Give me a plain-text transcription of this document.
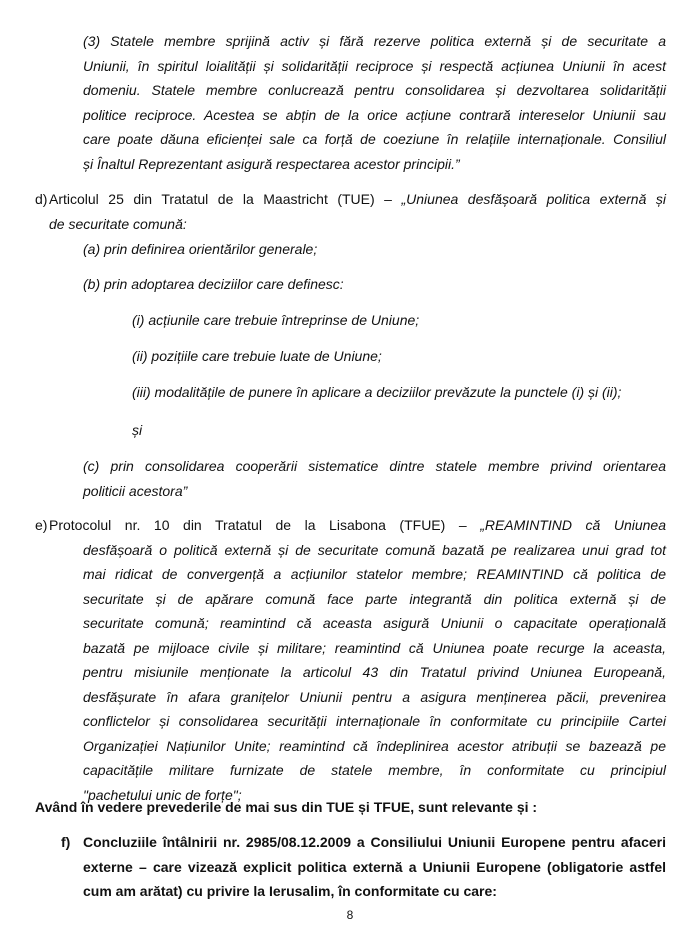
(3) Statele membre sprijină activ și fără rezerve politica externă și de securitate a
Uniunii, în spiritul loialității și solidarității reciproce și respectă acțiunea Uniunii în acest
domeniu. Statele membre conlucrează pentru consolidarea și dezvoltarea solidarității
politice reciproce. Acestea se abțin de la orice acțiune contrară intereselor Uniunii sau
care poate dăuna eficienței sale ca forță de coeziune în relațiile internaționale. Consiliul
și Înaltul Reprezentant asigură respectarea acestor principii.”
d) Articolul 25 din Tratatul de la Maastricht (TUE) – „Uniunea desfășoară politica externă și
de securitate comună:
(a) prin definirea orientărilor generale;
(b) prin adoptarea deciziilor care definesc:
(i) acțiunile care trebuie întreprinse de Uniune;
(ii) pozițiile care trebuie luate de Uniune;
(iii) modalitățile de punere în aplicare a deciziilor prevăzute la punctele (i) și (ii);
și
(c) prin consolidarea cooperării sistematice dintre statele membre privind orientarea
politicii acestora”
e) Protocolul nr. 10 din Tratatul de la Lisabona (TFUE) – „REAMINTIND că Uniunea
desfășoară o politică externă și de securitate comună bazată pe realizarea unui grad tot
mai ridicat de convergență a acțiunilor statelor membre; REAMINTIND că politica de
securitate și de apărare comună face parte integrantă din politica externă și de
securitate comună; reamintind că aceasta asigură Uniunii o capacitate operațională
bazată pe mijloace civile și militare; reamintind că Uniunea poate recurge la aceasta,
pentru misiunile menționate la articolul 43 din Tratatul privind Uniunea Europeană,
desfășurate în afara granițelor Uniunii pentru a asigura menținerea păcii, prevenirea
conflictelor și consolidarea securității internaționale în conformitate cu principiile Cartei
Organizației Națiunilor Unite; reamintind că îndeplinirea acestor atribuții se bazează pe
capacitățile militare furnizate de statele membre, în conformitate cu principiul
"pachetului unic de forțe";
Având în vedere prevederile de mai sus din TUE și TFUE, sunt relevante și :
f) Concluziile întâlnirii nr. 2985/08.12.2009 a Consiliului Uniunii Europene pentru afaceri
externe – care vizează explicit politica externă a Uniunii Europene (obligatorie astfel
cum am arătat) cu privire la Ierusalim, în conformitate cu care:
8
